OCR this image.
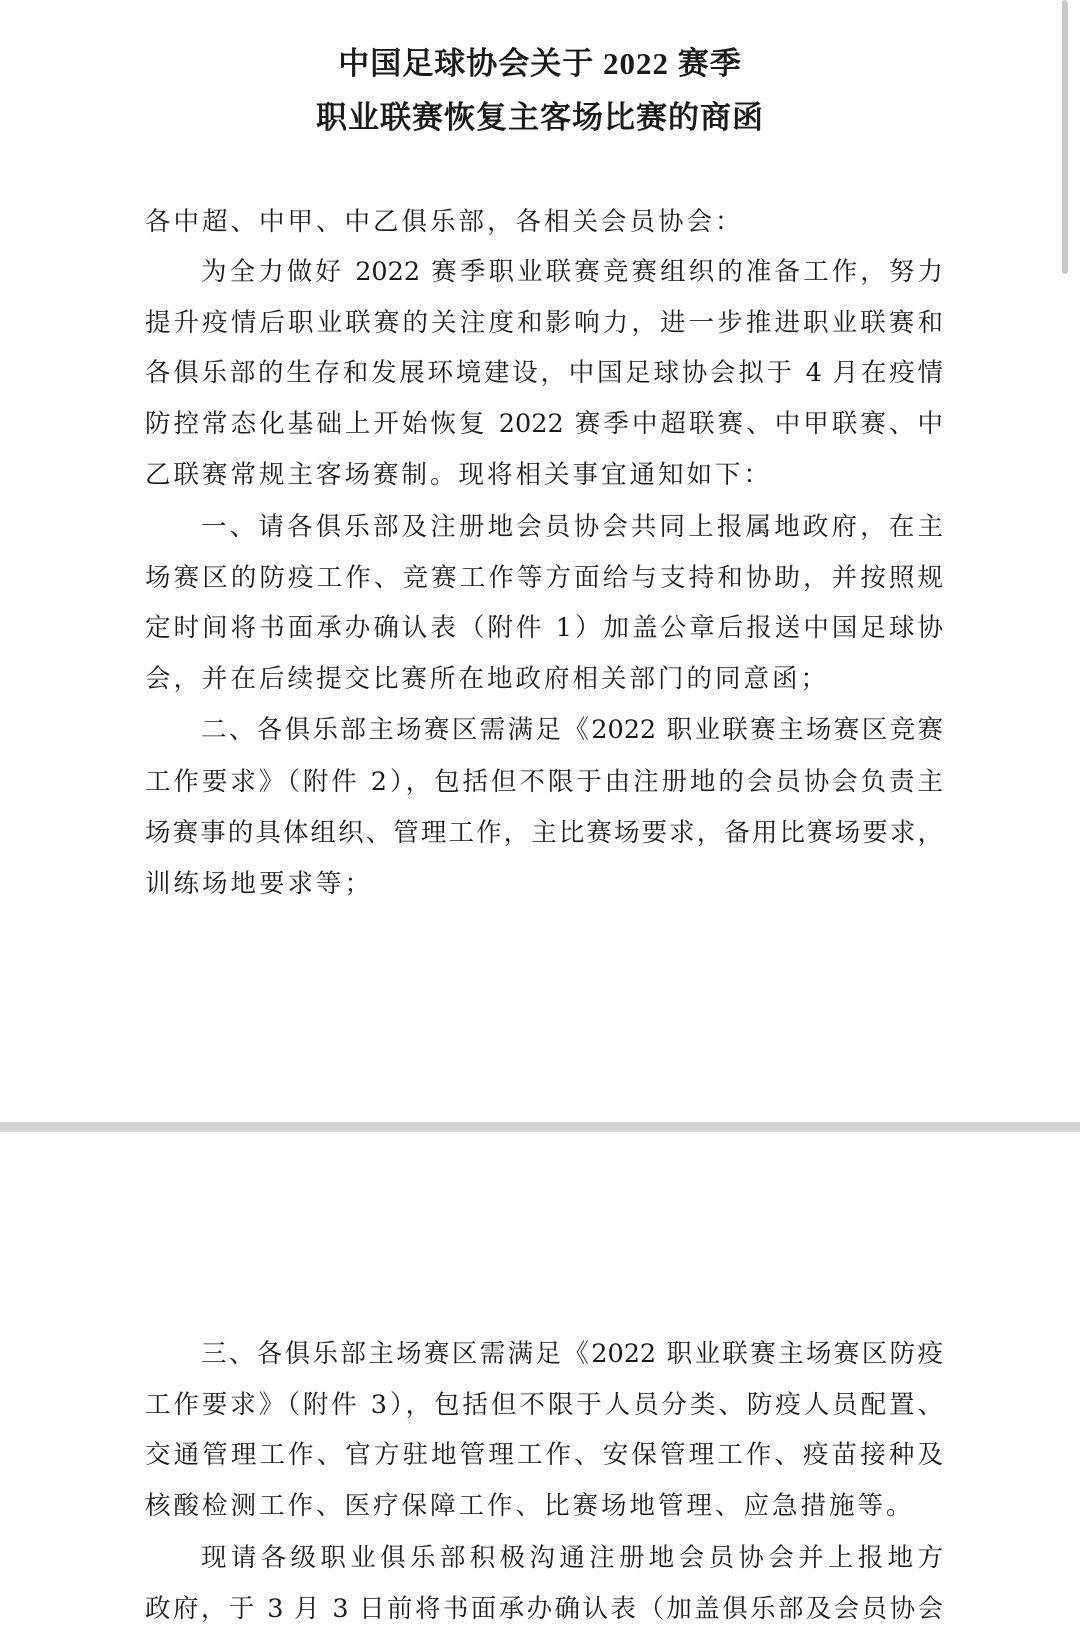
中国足球协会关于 2022 赛季
职业联赛恢复主客场比赛的商函
各中超、中甲、中乙俱乐部，各相关会员协会：
为全力做好 2022 赛季职业联赛竞赛组织的准备工作，努力
提升疫情后职业联赛的关注度和影响力，进一步推进职业联赛和
各俱乐部的生存和发展环境建设，中国足球协会拟于 4 月在疫情
防控常态化基础上开始恢复 2022 赛季中超联赛、中甲联赛、中
乙联赛常规主客场赛制。现将相关事宜通知如下：
一、请各俱乐部及注册地会员协会共同上报属地政府，在主
场赛区的防疫工作、竞赛工作等方面给与支持和协助，并按照规
定时间将书面承办确认表（附件 1）加盖公章后报送中国足球协
会，并在后续提交比赛所在地政府相关部门的同意函；
二、各俱乐部主场赛区需满足《2022 职业联赛主场赛区竞赛
工作要求》（附件 2），包括但不限于由注册地的会员协会负责主
场赛事的具体组织、管理工作，主比赛场要求，备用比赛场要求，
训练场地要求等；
三、各俱乐部主场赛区需满足《2022 职业联赛主场赛区防疫
工作要求》（附件 3），包括但不限于人员分类、防疫人员配置、
交通管理工作、官方驻地管理工作、安保管理工作、疫苗接种及
核酸检测工作、医疗保障工作、比赛场地管理、应急措施等。
现请各级职业俱乐部积极沟通注册地会员协会并上报地方
政府，于 3 月 3 日前将书面承办确认表（加盖俱乐部及会员协会
